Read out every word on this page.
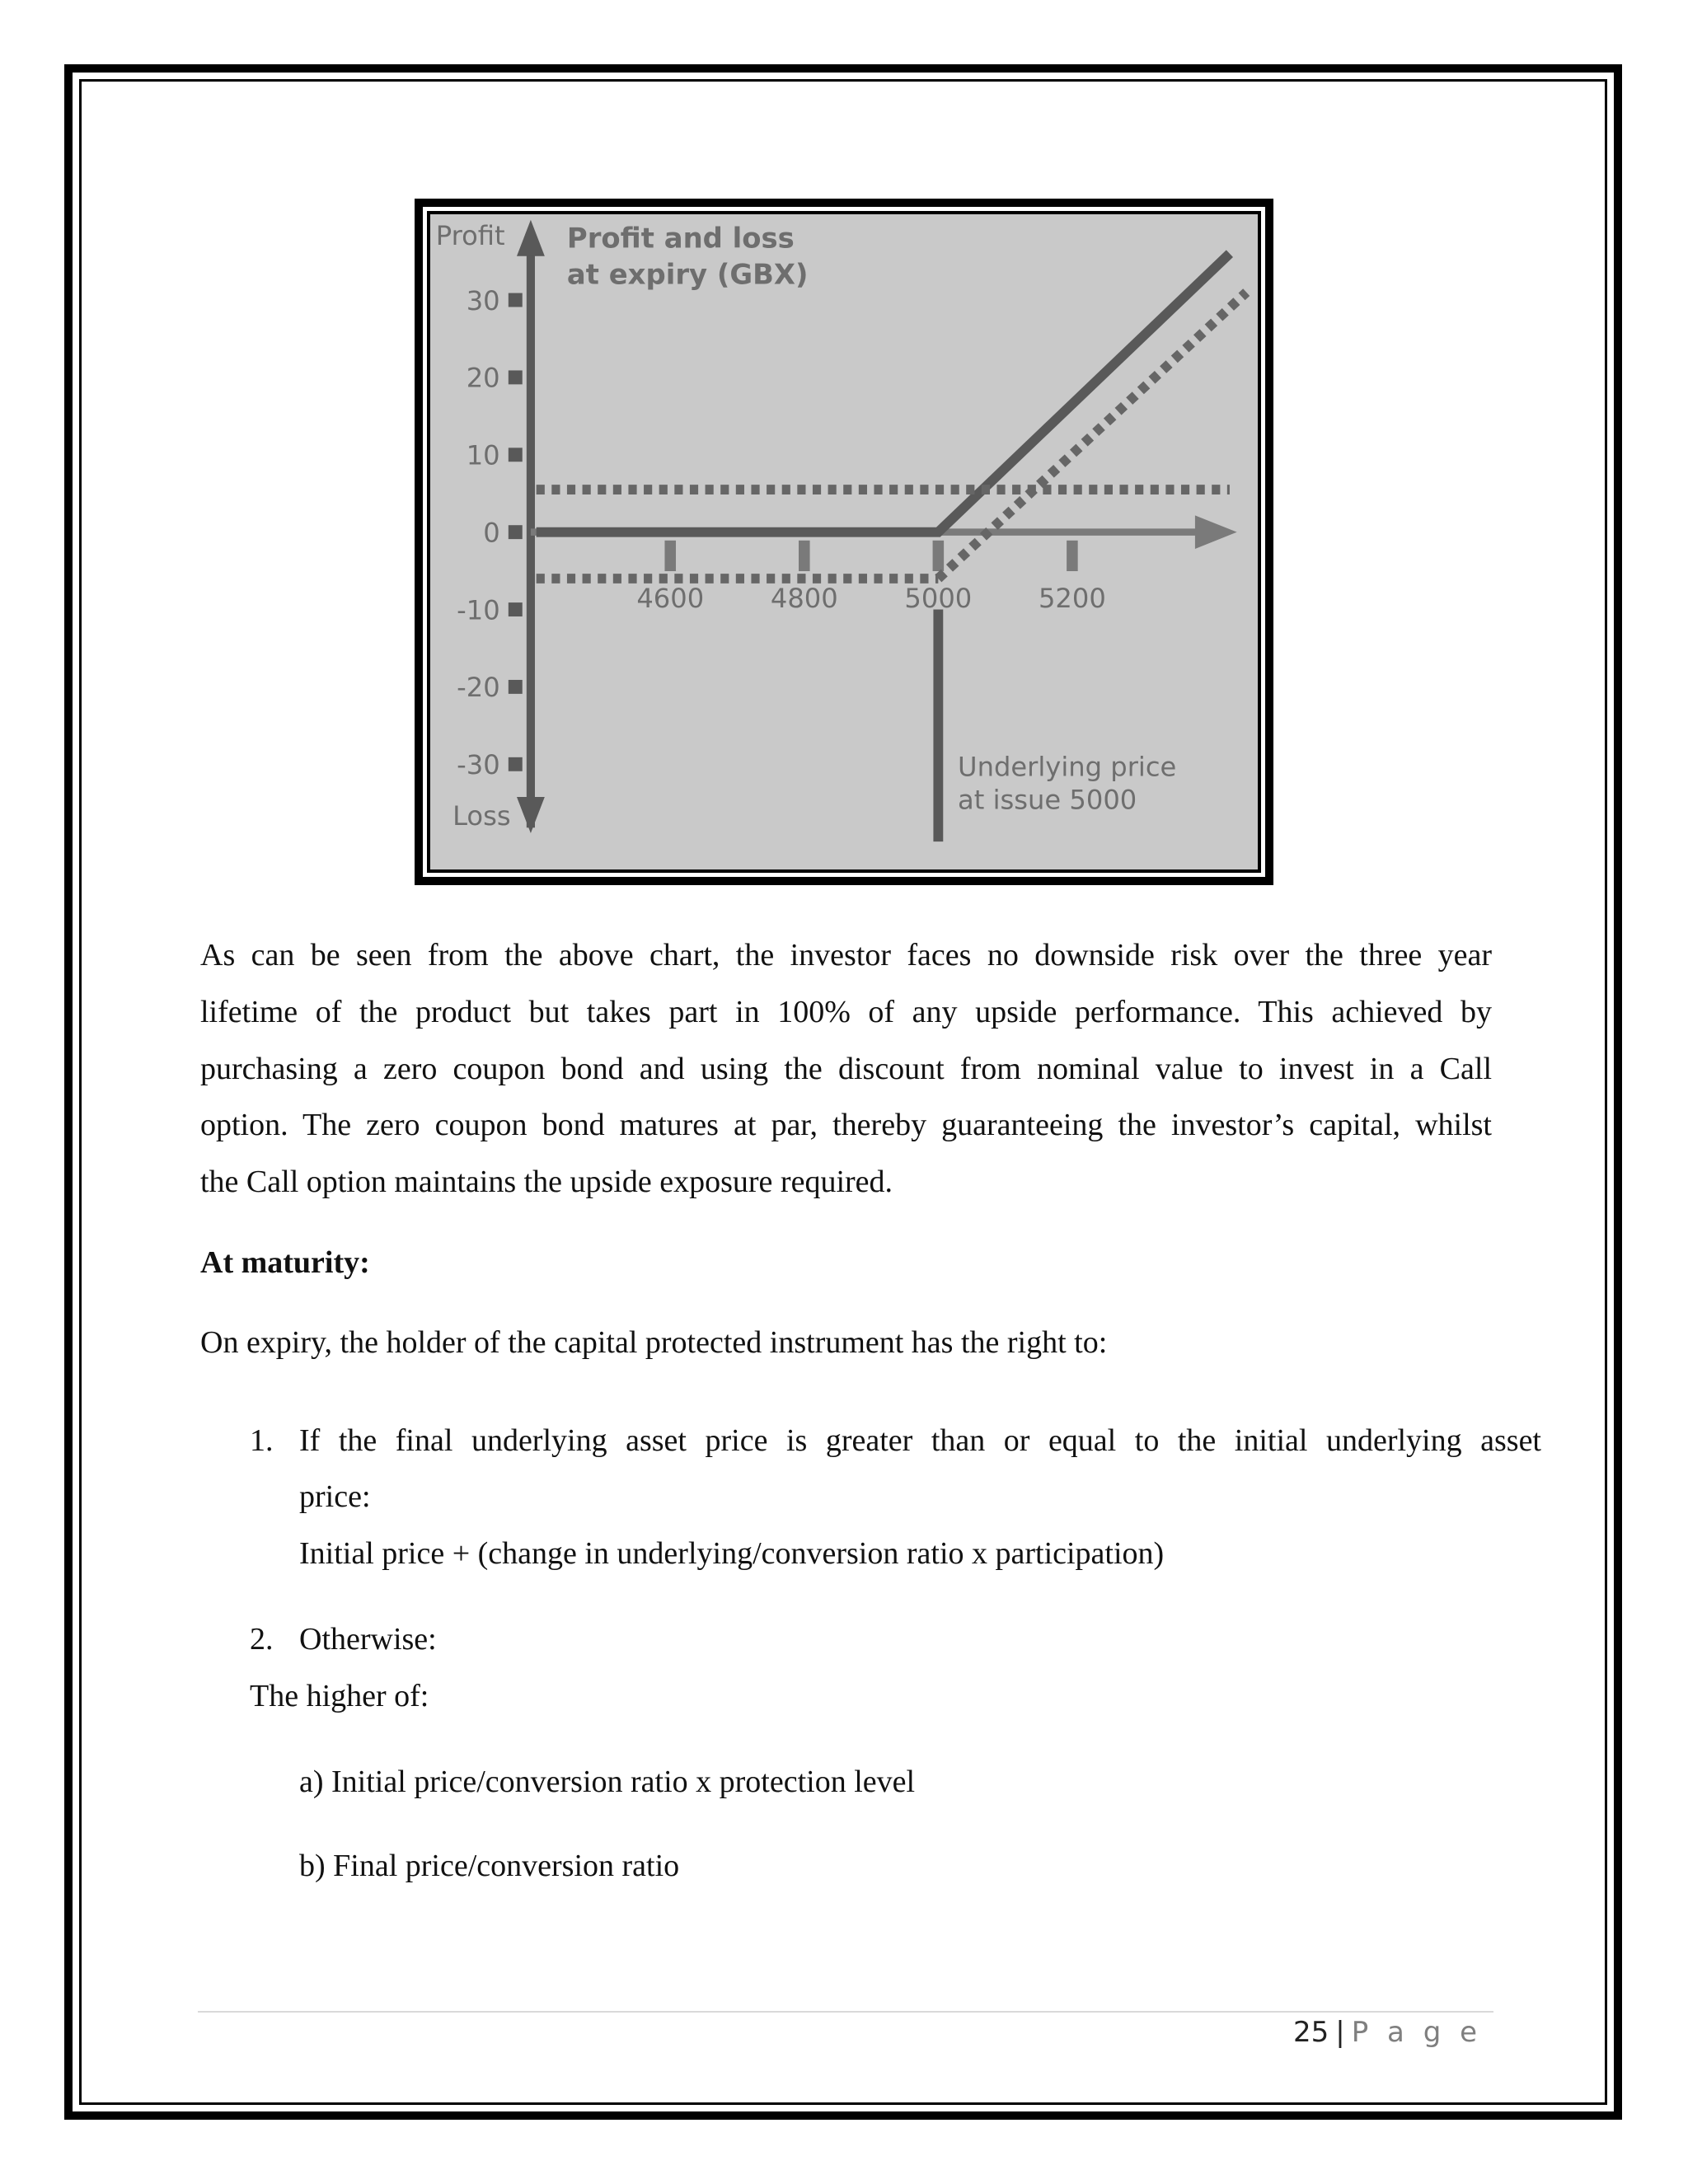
30
20
10
0
-10
-20
-30
Profit
Loss
Profit and loss
at expiry (GBX)
4600	4800	5000	5200
Underlying price
at issue 5000

As can be seen from the above chart, the investor faces no downside risk over the three year

lifetime of the product but takes part in 100% of any upside performance. This achieved by

purchasing a zero coupon bond and using the discount from nominal value to invest in a Call

option. The zero coupon bond matures at par, thereby guaranteeing the investor’s capital, whilst

the Call option maintains the upside exposure required.

At maturity:

On expiry, the holder of the capital protected instrument has the right to:

1. If the final underlying asset price is greater than or equal to the initial underlying asset
price:
Initial price + (change in underlying/conversion ratio x participation)
2. Otherwise:
The higher of:
a) Initial price/conversion ratio x protection level
b) Final price/conversion ratio
25 | P a g e
